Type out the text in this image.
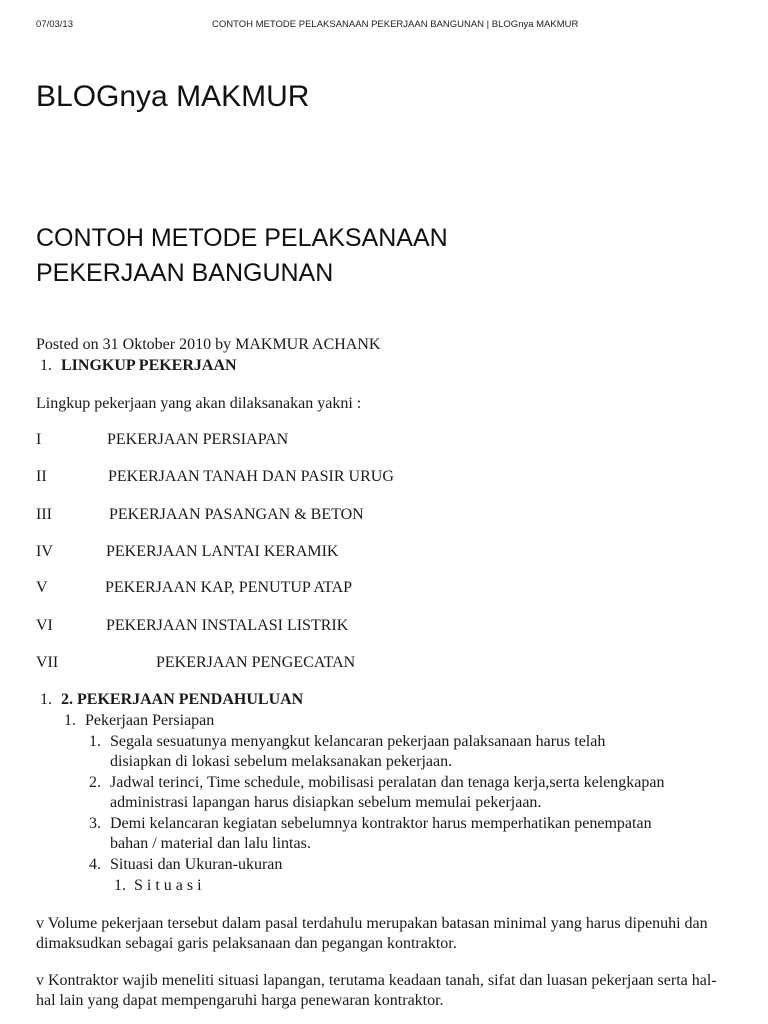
07/03/13	CONTOH METODE PELAKSANAAN PEKERJAAN BANGUNAN | BLOGnya MAKMUR
BLOGnya MAKMUR
CONTOH METODE PELAKSANAAN
PEKERJAAN BANGUNAN
Posted on 31 Oktober 2010 by MAKMUR ACHANK
1. LINGKUP PEKERJAAN
Lingkup pekerjaan yang akan dilaksanakan yakni :
I	PEKERJAAN PERSIAPAN
II	PEKERJAAN TANAH DAN PASIR URUG
III	PEKERJAAN PASANGAN & BETON
IV	PEKERJAAN LANTAI KERAMIK
V	PEKERJAAN KAP, PENUTUP ATAP
VI	PEKERJAAN INSTALASI LISTRIK
VII	PEKERJAAN PENGECATAN
1. 2. PEKERJAAN PENDAHULUAN
1. Pekerjaan Persiapan
1. Segala sesuatunya menyangkut kelancaran pekerjaan palaksanaan harus telah
disiapkan di lokasi sebelum melaksanakan pekerjaan.
2. Jadwal terinci, Time schedule, mobilisasi peralatan dan tenaga kerja,serta kelengkapan
administrasi lapangan harus disiapkan sebelum memulai pekerjaan.
3. Demi kelancaran kegiatan sebelumnya kontraktor harus memperhatikan penempatan
bahan / material dan lalu lintas.
4. Situasi dan Ukuran-ukuran
1. S i t u a s i
v Volume pekerjaan tersebut dalam pasal terdahulu merupakan batasan minimal yang harus dipenuhi dan dimaksudkan sebagai garis pelaksanaan dan pegangan kontraktor.
v Kontraktor wajib meneliti situasi lapangan, terutama keadaan tanah, sifat dan luasan pekerjaan serta hal-hal lain yang dapat mempengaruhi harga penewaran kontraktor.
